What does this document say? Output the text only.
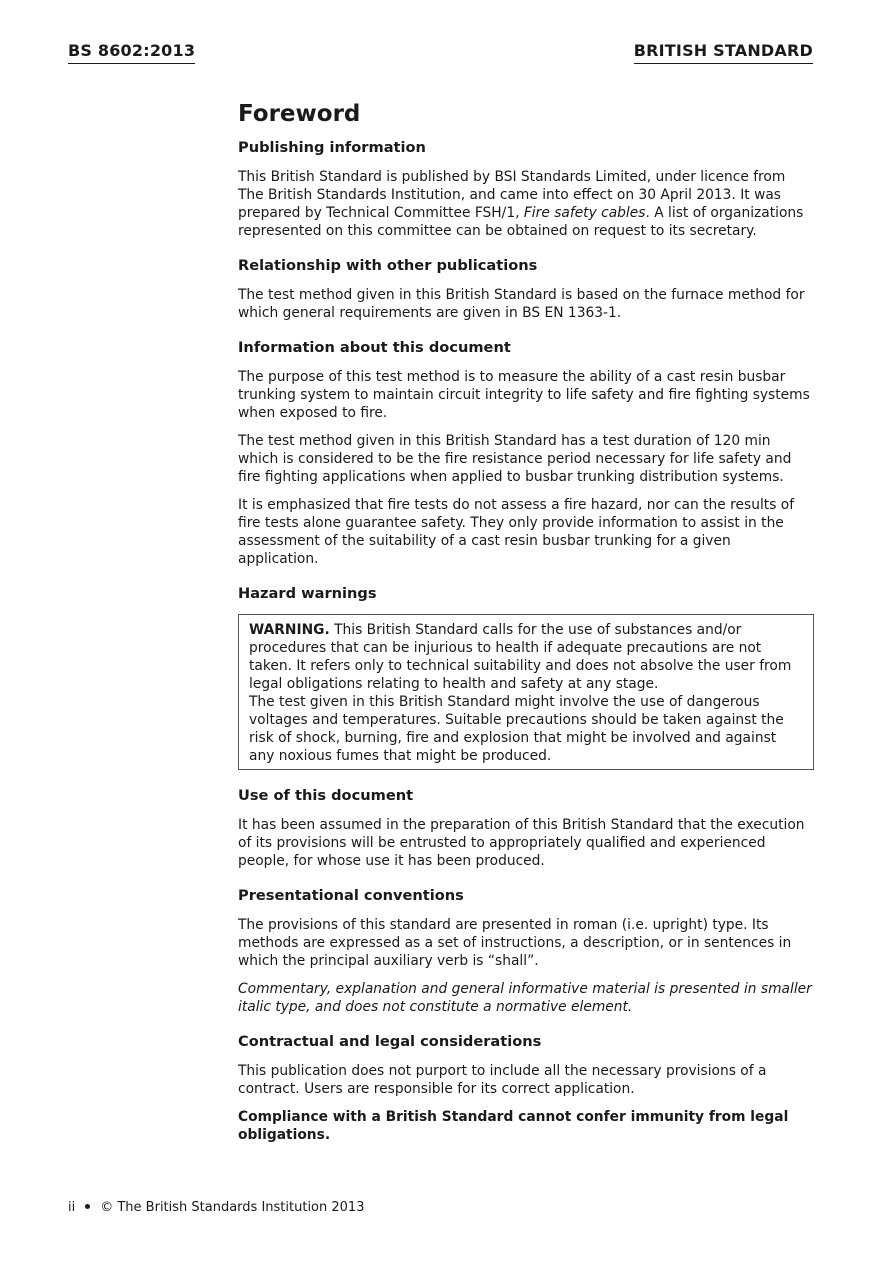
BS 8602:2013	BRITISH STANDARD
Foreword
Publishing information

This British Standard is published by BSI Standards Limited, under licence from The British Standards Institution, and came into effect on 30 April 2013. It was prepared by Technical Committee FSH/1, Fire safety cables. A list of organizations represented on this committee can be obtained on request to its secretary.

Relationship with other publications

The test method given in this British Standard is based on the furnace method for which general requirements are given in BS EN 1363-1.

Information about this document

The purpose of this test method is to measure the ability of a cast resin busbar trunking system to maintain circuit integrity to life safety and fire fighting systems when exposed to fire.

The test method given in this British Standard has a test duration of 120 min which is considered to be the fire resistance period necessary for life safety and fire fighting applications when applied to busbar trunking distribution systems.

It is emphasized that fire tests do not assess a fire hazard, nor can the results of fire tests alone guarantee safety. They only provide information to assist in the assessment of the suitability of a cast resin busbar trunking for a given application.

Hazard warnings

WARNING. This British Standard calls for the use of substances and/or procedures that can be injurious to health if adequate precautions are not taken. It refers only to technical suitability and does not absolve the user from legal obligations relating to health and safety at any stage.

The test given in this British Standard might involve the use of dangerous voltages and temperatures. Suitable precautions should be taken against the risk of shock, burning, fire and explosion that might be involved and against any noxious fumes that might be produced.

Use of this document

It has been assumed in the preparation of this British Standard that the execution of its provisions will be entrusted to appropriately qualified and experienced people, for whose use it has been produced.

Presentational conventions

The provisions of this standard are presented in roman (i.e. upright) type. Its methods are expressed as a set of instructions, a description, or in sentences in which the principal auxiliary verb is “shall”.

Commentary, explanation and general informative material is presented in smaller italic type, and does not constitute a normative element.

Contractual and legal considerations

This publication does not purport to include all the necessary provisions of a contract. Users are responsible for its correct application.

Compliance with a British Standard cannot confer immunity from legal obligations.

ii © The British Standards Institution 2013
